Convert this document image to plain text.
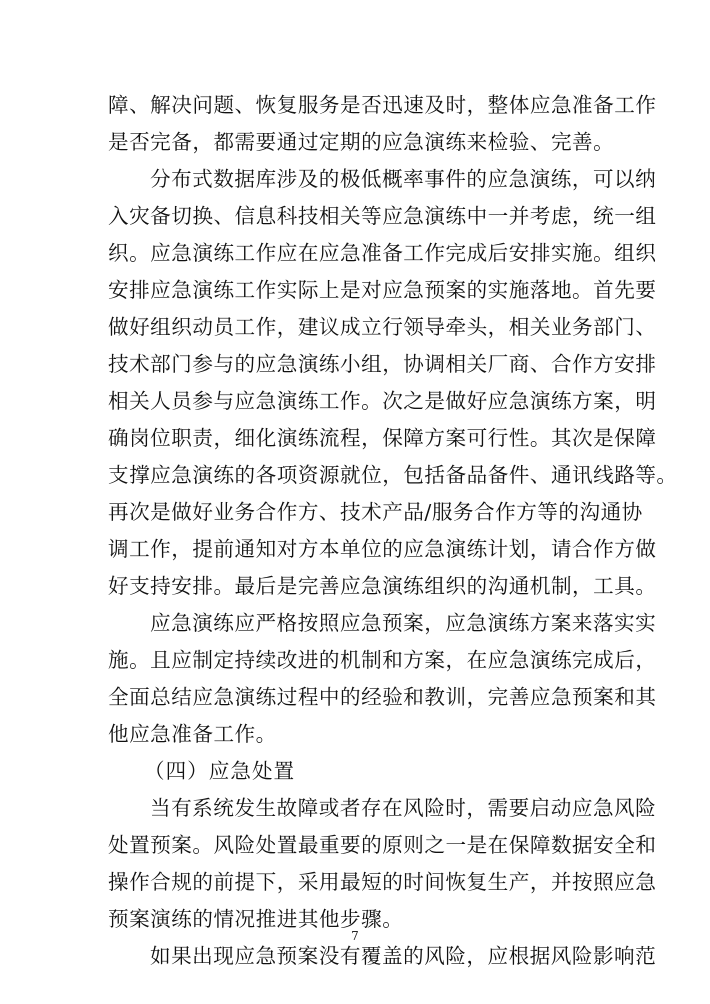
障、解决问题、恢复服务是否迅速及时，整体应急准备工作
是否完备，都需要通过定期的应急演练来检验、完善。
分布式数据库涉及的极低概率事件的应急演练，可以纳
入灾备切换、信息科技相关等应急演练中一并考虑，统一组
织。应急演练工作应在应急准备工作完成后安排实施。组织
安排应急演练工作实际上是对应急预案的实施落地。首先要
做好组织动员工作，建议成立行领导牵头，相关业务部门、
技术部门参与的应急演练小组，协调相关厂商、合作方安排
相关人员参与应急演练工作。次之是做好应急演练方案，明
确岗位职责，细化演练流程，保障方案可行性。其次是保障
支撑应急演练的各项资源就位，包括备品备件、通讯线路等。
再次是做好业务合作方、技术产品/服务合作方等的沟通协
调工作，提前通知对方本单位的应急演练计划，请合作方做
好支持安排。最后是完善应急演练组织的沟通机制，工具。
应急演练应严格按照应急预案，应急演练方案来落实实
施。且应制定持续改进的机制和方案，在应急演练完成后，
全面总结应急演练过程中的经验和教训，完善应急预案和其
他应急准备工作。
（四）应急处置
当有系统发生故障或者存在风险时，需要启动应急风险
处置预案。风险处置最重要的原则之一是在保障数据安全和
操作合规的前提下，采用最短的时间恢复生产，并按照应急
预案演练的情况推进其他步骤。
如果出现应急预案没有覆盖的风险，应根据风险影响范
7
